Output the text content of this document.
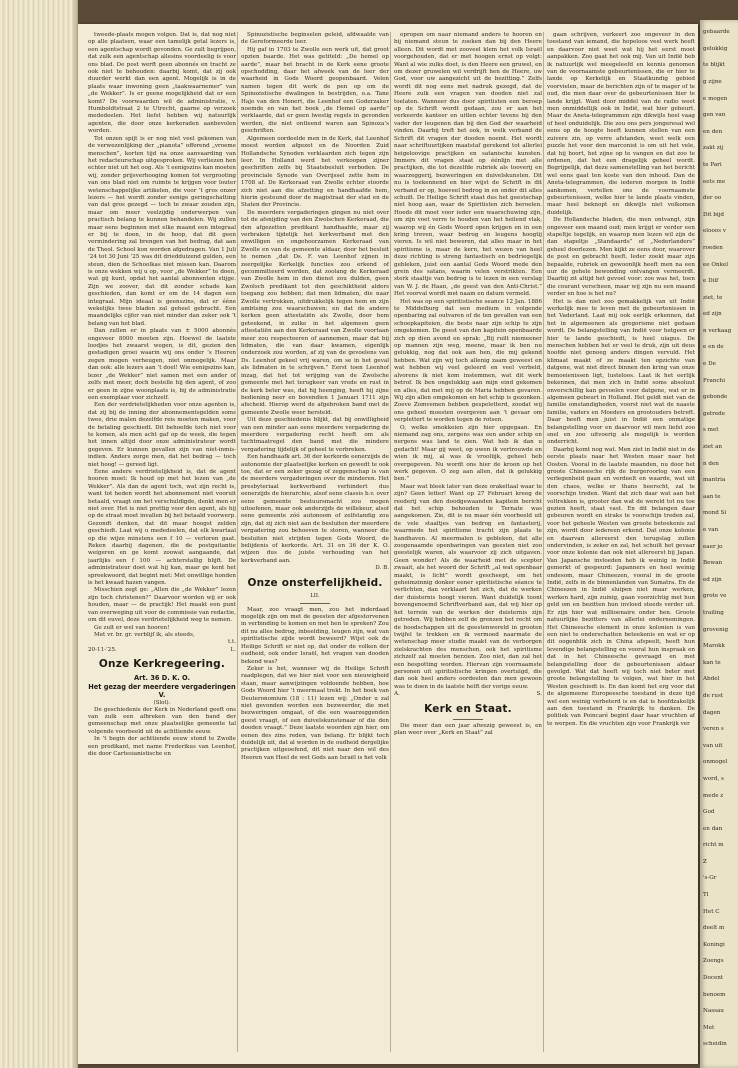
tweede-plaats mogen volgen. Dat is, dat nog niet op alle plaatsen, waar een tamelijk getal lezers is, een agentschap wordt gevonden. Ge zult begrijpen, dat zulk een agentschap allesins voordeelig is voor ons blad. De post werft geen abonnés en tracht ze ook niet te behouden: daarbij komt, dat zij ook duurder werkt dan een agent. Mogelijk is in de plaats waar inwoning geen „taakwaarnemer” van „de Wekker”. Is er geene mogelijkheid dat er een komt? De voorwaarden wil de administratie, v. Humboldtstraat 2 te Utrecht, gaarne op verzoek mededeelen. Het liefst hebben wij natuurlijk agenten, die door onze kerkeraden aanbevolen worden.

Tot onzen spijt is er nog niet veel gekomen van de verwezenlijking der „pianota” offerend „vroeme menschen”, korten tijd na onze aanvaarding van het redacteurschap uitgesproken. Wij verliezen hen echter niet uit het oog. Als ’t eenigszins kan moeten wij, zonder prijsverhooging komen tot vergrooting van ons blad niet om ruimte te krijgen voor louter wetenschappelijke artikelen, die voor ’t gros onzer lezers — het wordt zonder eenige geringschatting van dat gros gezegd — toch te zwaar zouden zijn, maar om meer veelzijdig onderwerpen van practisch belang te kunnen behandelen. Wij zullen maar eens beginnen met elke maand een integraal er bij te doen, in de hoop, dat dit geen vermindering zal brengen van het bedrag, dat aan de Theol. School kon worden afgedragen. Van 1 Juli ’24 tot 30 Juni ’25 was dit driedduizend gulden, een steun, dien de Schoolkas niet missen kan. Daarom is onze wekken wij u op, voor „de Wekker” te doen, wat gij kunt, opdat het aantal abonnenten stijge. Zijn we zoover, dat dit zonder schade kan geschieden, dan komt er om de 14 dagen een integraal. Mijn ideaal is geenszins, dat er ééne wekelijks twee bladen zal geheel gebracht. Een maandelijks cijfer van niet minder dan zeker ook ’t belang van het blad.

Dan zullen er in plaats van ± 5000 abonnés ongeveer 8000 moeten zijn. Hoewel de laatste loodjes het zwaarst wegen, is dit, gezien den gestadigen groei waarin wij ons onder ’s Heeren zegen mogen verheugen, niet onmogelijk. Maar dan ook: alle lezers aan ’t doel! Wie eenigszins kan, lezer „de Wekker” niet samen met een ander of zelfs met meer, doch bestelle hij den agent, of zoo er geen in zijne woonplaats is, bij de administratie een exemplaar voor zichzelf.

Een der verdrietelijkheden voor onze agenten is, dat zij bij de inning der abonnementsgelden soms twee, drie malen dezelfde reis moeten maken, voor de betaling geschiedt. Dit behoefde toch niet voor te komen, als men acht gaf op de week, die tegen het innen altijd door onze administrateur wordt gegeven. Er kunnen gevallen zijn van niet-inmis-indien. Anders zorge men, dat het bedrag — toch niet hoog! — gereed ligt.

Eene andere verdrietelijkheid is, dat de agent hooren moet: Ik houd op met het lezen van „de Wekker”. Als dan de agent toch, wat zijn recht is, want tot heden wordt het abonnement niet vooruit betaald, vraagt om het verschuldigde, denkt men er niet over. Het is niet prettig voor den agent, als hij op de straat moet invallen bij het betaald voorwerp. Gezondt denken, dat dit maar hoogst zelden geschiedt. Laat wij u mededeelen, dat elk kwartaal op die wijze minstens een f 10 — verloren gaat. Reken daarbij dagenen, die de postquitantie weigeren en ge komt zoowat aangaande, dat jaarlijks een f 100 — achterstallig blijft. De administrateur doet wat hij kan, maar ge kent het spreekwoord, dat begint met: Met onwillige honden is het kwaad hazen vangen.

Misschien zegt ge: „Allen die „de Wekker” lezen zijn toch christenen?” Daarvoor worden wij er ook houden, maar — de practijk! Het maakt een punt van overweging uit voor de commissie van redactie, om dit euvel, deze verdrietelijkheid weg te nemen.

Ge zult er wel van hooren!

Met vr. br. gr. verblijf ik, als steeds,

t.t.
20-11-’25.	L.
Onze Kerkregeering.
Art. 36 D. K. O.
Het gezag der meerdere vergaderingen V.
(Slot).

De geschiedenis der Kerk in Nederland geeft ons van zulk een afbreken van den band der gemeenschap met onze plaatselijke gemeente tal volgende voorbeeld uit de achttiende eeuw.

In ’t begin der achttiende eeuw stond te Zwolle een predikant, met name Frederikus van Leenhof, die door Cartesianistische en

Spinozistische beginselen geleid, afdwaalde van de Gereformeerde leer.

Hij gaf in 1703 te Zwolle een werk uit, dat groot opzien baarde. Het was getiteld: „De hemel op aarde”, maar het bracht in de Kerk eene groote opschudding, daar het afweek van de leer der waarheid in Gods Woord geopenbaard. Velen namen tegen dit werk de pen op om de Spinozistische dwalingen te bestrijden, o.a. Tane Hajo van den Honert, die Leenhof een Goderzaker noemde en van het boek „de Hemel op aarde” verklaarde, dat er geen lwestig regels in gevonden werden, die niet ontleend waren aan Spinoza’s geschriften.

Algemeen oordeelde men in de Kerk, dat Leenhof moest worden afgezet en de Noorden Zuid Hollandsche Synoden verklaarden zich tegen zijn leer. In Holland werd het verkoopen zijner geschriften zelfs bij Staatsbesluit verboden. De provinciale Synode van Overijssel zette hem in 1708 af. De Kerkeraad van Zwolle echter stoorde zich niet aan die afzetting en handhaafde hem, hierin gesteund door de magistraat der stad en de Staten der Provincie.

De meerdere vergaderingen gingen nu niet over tot de afsnijding van den Zwolschen Kerkeraad, die den afgezetten predikant handhaafde, maar zij verbraken tijdelijk het kerkverband met den onwilligen en ongehoorzamen Kerkeraad van Zwolle en van de gemeente aldaar, door het besluit te nemen „dat Ds. F. van Leenhof zijnen in zeergelijke Kerkelijk functies zou erkend of gecommitteerd worden, dat zoolang de Kerkeraad van Zwolle hem in den dienst zou dulden, geen Zwolsch predikant tot den geschiktheid alders toegang zou hebben; dat men lidmaten, die naar Zwolle vertrokken, uitdrukkelijk tegen hem en zijn ambtsing zou waarschuwen; en dat de andere kerken geen attestatiën als Zwolle, door hem geteekend, in zulke in het algemeen geen attestatiën aan den Kerkeraad van Zwolle voortaan meer zou respecteeren of aannemen, maar dat bij lidmaten, die van daar kwamen, eigenlijk onderzoek zou worden, af zij van de gevoelens van Ds. Leenhof gekeel vrij waren, om se in het geval als lidmaten in te schrijven.” Eerst toen Leenhof inzag, dat het tot wrijging van de Zwolsche gemeente met het terugkeer van vrede en rust in de kerk beter was, dat hij heenging, heeft hij zijne bediening neer en bovendien 1 Januari 1711 zijn afscheid. Hierop werd de afgebroken band met de gemeente Zwolle weer hersteld.

Uit deze geschiedenis blijkt, dat bij onwilligheid van een minder aan eene meerdere vergadering de meerdere vergadering recht heeft om als tuchtmaatregel den band met die mindere vergadering tijdelijk of geheel te verbreken.

Een handhaafk art. 36 der kerkorde eenerzijds de autonomie der plaatselijke kerken en gewedt te ook toe, dat er een zeker gezag of zeggenschap is van de meerdere vergaderingen over de minderen. Het presbyteriaal kerkverband verhindert dus eenerzijds de hierarchie, alsof eene classis b.v. over eene gemeente bestuursmacht zou mogen uitoefenen, maar ook anderzijds de willekeur, alsof eene gemeente zóó autonoom of zelfstandig zou zijn, dat zij zich niet aan de besluiten der meerdere vergadering zou behoeven te storen, wanneer die besluiten niet strijden tegen Gods Woord, de belijdenis of kerkorde. Art. 31 en 36 der K. O. wijzen dus de juiste verhouding van het kerkverband aan.

D. B.
Onze onsterfelijkheid.
LII.

Maar, zoo vraagt men, zou het inderdaad mogelijk zijn om met de geesten der afgestorvenen in verbinding te komen en met hen te spreken? Zou dit nu alles bedrog, inbeelding, leugen zijn, wat van spiritistische zijde wordt beweerd? Wijst ook de Heilige Schrift er niet op, dat onder de volken der oudheid, ook onder Israël, het vragen van dooden bekend was?

Zeker is het, wanneer wij de Heilige Schrift raadplegen, dat we hier niet voor een nieuwigheid staan, maar aanwijzingen voldoende hebben, hoe Gods Woord hier ’t meermaal trekt. In het boek van Deuteronomium (18 : 11) lezen wij: „Onder u zal niet gevonden worden een bezweerder, die met bezweringen omgaat, of die een waarzeggenden geest vraagt, of een duivelskunstenaar of die den dooden vraagt.” Deze laatste woorden zijn hier, om eenen des zins reden, van belang. Er blijkt toch duidelijk uit, dat al worden in de oudheid dergelijke practijken uitgeoefend, dit niet naar den wil des Heeren van Heel de wet Gods aan Israël is het volk

opropen om naar niemand anders te hooren en bij niemand steun te zoeken dan bij den Heere alleen. Dit wordt met zooveel klem het volk Israël voorgehouden, dat er met hoogen ernst op volgt: Want al wie zulks doet, is den Heere een gruwel, en om dezer gruwelen wil verdrijft hen de Heere, uw God, voor uw aangezicht uit de bezitting.” Zelfs wordt dit nog eens met nadruk gezegd, dat de Heere zulk een vragen van dooden niet zal toelaten. Wanneer dus door spiritisten een beroep op de Schrift wordt gedaan, zou er aan het verkeerde kanteer en uitlen echter tevens bij den vader der leugenen dan bij den God der waarheid vinden. Daarbij treft het ook, in welk verband de Schrift dit vragen der dooden noemt. Het wordt naar schriftuurlijken maatstaf gerekend tot allerlei heigeloovige practijken en satanische kunsten. Immers dit vragen staat op éénlijn met alle practijken, die tot dezelfde rubriek als tooverij en waarzeggerij, bezweringen en duivelskunsten. Dit nu is toekennend en hier wijst de Schrift in dit verband er op, hoeveel bedrog in en onder dit alles schuilt. De Heilige Schrift staat dus het geestschap niet hoog aan, waar de Spiritisten zich beroelen. Hoeds dit moet voor ieder een waarschuwing zijn, om zijn voet verre te houden van het heilend vlak, waarop wij én Gods Woord open krijgen en in een kring treven, waar bedrog en leugens hoogtij vieren. Is wil niet beweren, dat alles maar in het spiritisme is, maar de kern, het wezen van heel deze richting is streng fantastisch en bedriegelijk gebleken, juist een aantal Gods Woord mede den grein des satans, waarin velen verstrikten. Een sterk staaltje van bedrog is te lezen in een verslag van W. J. de Haan, „de geest van den Anti-Christ.” Het voorval wordt met naam en datum vermeld.

Het was op een spiritistische seance 12 Jan. 1886 te Middelburg dat een medium in volgende openbaring zal outvaren of de ten gevallen van een schoepkapiteien, die beste naar zijn schip te zijn omgekomen. De geest van den kapitein openbaarde zich op dien avond en sprak: „Bij ruilt niemeener op mannen zijn weg, meene, maar ik ben nu gelukkig, nog dat ook aan hen, die mij gekend hebben. Wat zijn wij toch allenig zaam geweest en wat hebben wij veel geleerd en veel verbeld, alvorens ik niet kom instemmen, wat dit werk betrof. Ik ben ongelukkig aan mijn eind gekomen en alles, dat met mij op de Maria hebben gevaren. Wij zijn allen omgekomen en het schip is gezonken. Zoeve Zomvemen hebben gespeletterd, zoodat wij ons geheel moesten overgeven aan ’t gevaar om verplettert te worden tegen de rotsen.

O, welke smokkeien zijn hier opgegaan. En niemand zag ons, zergens was een ander schip en nergens was land te zien. Wat heb ik dan u gedacht! Maar gij weet, op uwen ik vertrouwde en wien ik mij, al was ik vrooliijk, geheel heb overgegeven. Nu wordt ons hier de kroon op het werk gegeven. O zeg aan allen, dat ik gelukkig ben.”

Maar wat bleek later van deze orakeltaal waar te zijn? Geen letter! Want op 27 Februari kreeg de reederij van den doodgewaanden kapitein bericht dat het schip behouden te Ternate was aangekomen. Zie, dit is nu maar één voorbeeld uit de vele staaltjes van bedrog en fantasterij, waarmede het spiritisme tracht zijn plaats te handhaven. Al meermalen is gebleken, dat alle zoogenaamde openbaringen van geesten niet zoo geestelijk waren, als waarvoor zij zich uitgaven. Geen wonder! Als de waarheid met de scepter zwaait, als het woord der Schrift „al wat openbaar maakt, is licht” wordt gescheept, om het geheimzinnig donker eener spiritistische séance te verlichten, dan verklaart het zich, dat de werken der duisternis hoogt vieren. Want duidelijk toont bovengenoemd Schriftverband aan, dat wij hier op het terrein van de werken der duisternis zijn getreden. Wij hebben zelf de grenzen het recht om de boodschappen uit de geestenwereld in grooten twijfel te trekken en ik vermoed naarmate de wetenschap meer studie maakt van de verborgen zielskrachten des menschen, ook het spiritisme zichzelf zal moeten herzien. Zoo niet, dan zal het een bespotting worden. Hiervan zijn voornaamste personen uit spiritistische kringen overtuigd, die dan ook heel anders oordeelen dan men gewoon was te doen in de laatste helft der vorige eeuw.

A.	S.
Kerk en Staat.

Die meer dan een jaar afwezig geweest is, en plan weer over „Kerk en Staat” zal

gaan schrijven, verkeert zoo ongeveer in den toestand van iemand, die hopeloos veel werk heeft en daarvoor niet weet wat hij het eerst moet aanpakken. Zoo gaat het ook mij. Van uit Indië heb ik natuurlijk wel meegeleefd en kennis genomen van de voornaamste gebeurtenissen, die er hier te lande op Kerkelijk en Staatkundig gebied voorvielen, maar de berichten zijn of te mager of te oud, die men daar over de gebeurtenissen hier te lande krijgt. Want door middel van de radio weet men onmiddellijk ook in Indië, wat hier gebeurt. Maar de Aneta-telegrammen zijn dikwijls heel vaag of heel onduidelijk. Die zou ons pers jongeresal wel eens op de hoogte heeft kunnen stellen van een zuivere zin, op verre afstanden, weet welk een puzzle het voor den marconist is om uit het vele, dat hij hoort, het zijne op te vangen en dat zoo te ordenen, dat het een dragelijk geheel wordt. Begrijpelijk, dat deze samenstelling van het bericht wel eens gaat ten koste van den inhoud. Dan de Aneta-telegrammen, die iederen morgen in Indië aankomen, vertellen ons de voornaamste gebeurtenissen, welke hier te lande plaats vinden, maar heel beknopt en dikwijls niet volkomen duidelijk.

De Hollandsche bladen, die men ontvangt, zijn ongeveer een maand oud; men krijgt er verder een stapeltje tegelijk, en waarop men lezen wil zijn de dan stapeltje „Standaards” of „Nederlanders” geheel doorlezen. Men kijkt ze eens door, waarover de post en gebracht heeft. Ieder zoekt maar zijn bepaalde, rubriek en gewoonlijk heeft men na een uur de gehele bewonding ontvangen vermeerdt. Daarbij zit altijd het gevoel voor: zoo was het, toen die courant verscheen, maar wij zijn nu een maand verder en hoe is het nu?

Het is dan niet zoo gemakkelijk van uit Indië werkelijk mee te leven met de gebeurtenissen in het Vaderland. Laat mij ook eerlijk erkennen, dat het in algemeenen als gregorisme niet gedaan wordt. De belangstelling van Indië voor hetgeen er hier te lande geschiedt, is heel uiagus. De menschen hebben het er veel te druk, zijn uit deus hoofde niet genoeg anders dingen vervuld. Het klimaat maakt of ze maakt ten opzichte van datgene, wat niet direct binnen den kring van onze bemoeienissen ligt, lusteloos. Laat ik het eerlijk bekennen, dat men zich in Indië soms absoluut onverschillig kan gevoelen voor datgene, wat er in algemeen gebeurt in Holland. Het geldt niet van de familie omstandigheden, voorst niet wat de naaste familie, vaders en Moeders en grootouders betreft. Daar heeft men juist in Indië een onmatige belangstelling voor en daarvoor wil men liefst zoo snel en zoo uitvoerig als mogelijk is worden onderricht.

Daarbij komt nog wat. Men ziet in Indië niet in de eerste plaats naar het Westen maar naar het Oosten. Vooral in de laatste maanden, nu door het groote Chineesche rijk de burgeroorlog van een verlegenheid gaan en verdeelt en waarde, wat uit den chaos, welke er thans heerscht, zal te voorschijn treden. Want dat zich daar wat aan het voltrekken is, grooter dan wat de wereld tot nu toe gezien heeft, staat vast. En dit belangen daar gebeuren wordt en straks te voorschijn treden zal, voor het geheele Westen van groote beteekenis zal zijn, wordt door iedereen erkend. Dat onze kolonie en daarvan allereerst den terugslag zullen ondervinden, is zeker en zal, het schuilt het gevaar voor onze kolonie dan ook niet allereerst bij Japan. Van Japansche invloeden heb ik weinig in Indië gemerkt of gespeurd: Japanners en heel weinig ondesom, maar Chineezen, vooral in de groote Indië, zelfs in de binnenlanden van Sumatra. En de Chineezen in Indië sluipen niet maar werken, werken hard, zijn zuinig, gaan voorzichtig met hun geld om en bezitten hun invloed steeds verder uit. Er zijn hier wat millioenaire onder hen. Groote natuurlijke bezitters van allerlei ondernemingen. Het Chineesche element in onze kolonien is van een niet te onderschatten beteekenis en wat er op dit oogenblik zich in China afspeelt, heeft hun levendige belangstelling en vooral hun inspraak en dat in het Chineesche gevraagd en met belangstelling door de gebeurtenissen aldaar gevolgd. Wat dat heeft wij toch niet beter met groote belangstelling te volgen, wat hier in het Westen geschiedt is. En dan komt het erg voor dat de algemeene Europeesche toestand in deze tijd wel een weinig verbeterd is en dat is hoofdzakelijk aan den toestand in Frankrijk te danken. De politiek van Poincaré begint daar haar vruchten af te werpen. En die vruchten zijn voor Frankrijk ver

gebaarde
gelukkig
te blijkt
g zijne
e mogen
gen van
en den
zakt zij
te Pari
eets me
der oo
Dit bijd
elooos v
roeden
ee Onkel
e Dilf
ziet, te
ed zijn
n verkaag
e en de
e De
Franchi
gebonde
getrede
s met
ziet an
n den
mantria
aan te
mond Si
e van
eaer jo
Bewan
ed zijn
grote ve
trailing
grovenig
Marokk
kan te
Abdel
de rust
dagen
veren s
van uit
onmogel
word, s
mede z
God
en dan
richt m
Z
's-Gr
Tl
Het C
deelt m
Koningi
Zoengs
Docent
benoem
Nassau
Met
scheidin
